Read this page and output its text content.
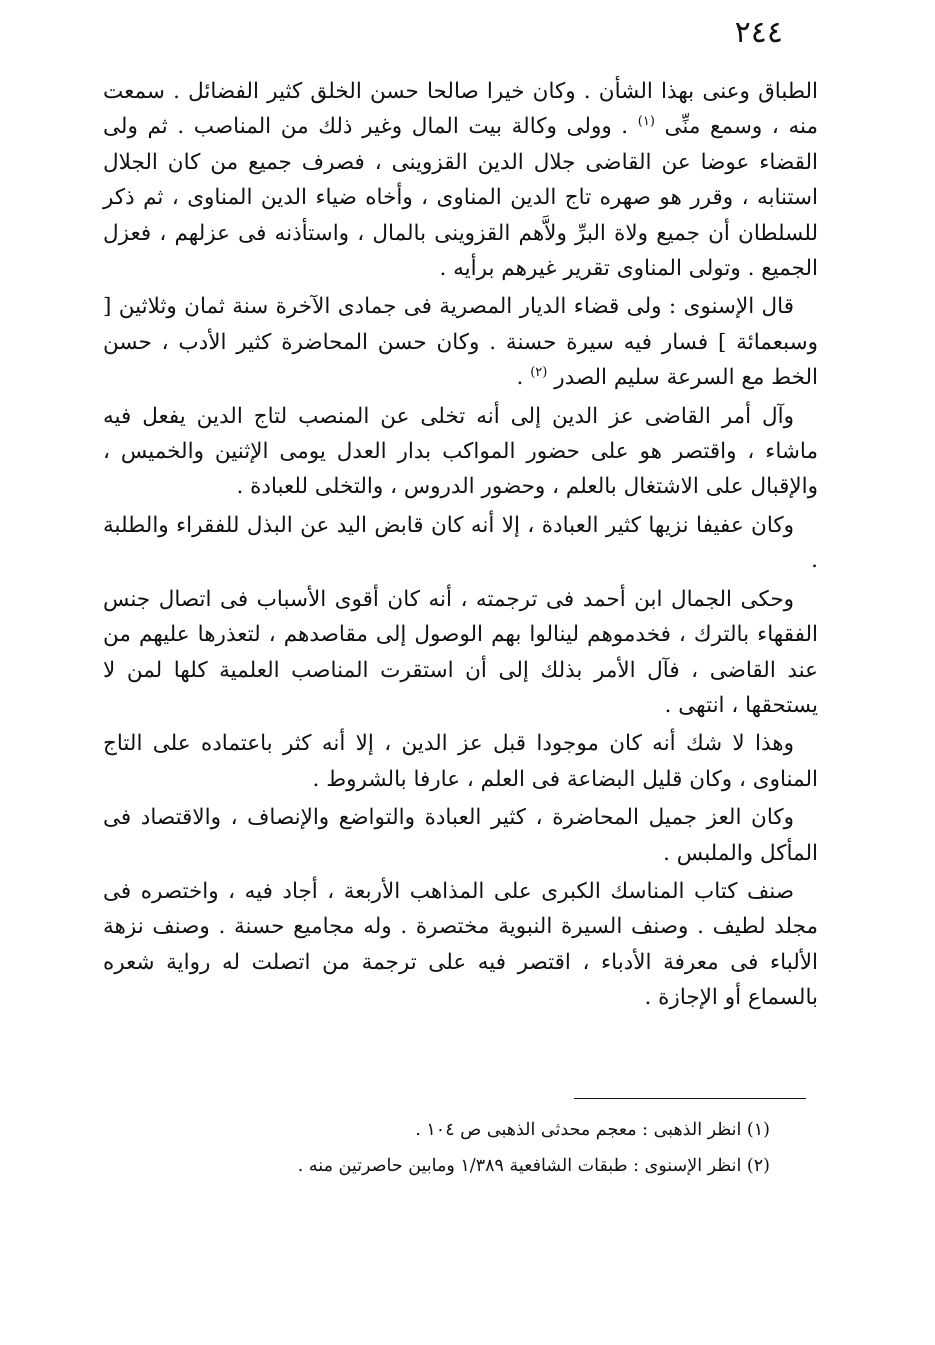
٢٤٤

الطباق وعنى بهذا الشأن . وكان خيرا صالحا حسن الخلق كثير الفضائل . سمعت منه ، وسمع منِّى $^{(١)}$ . وولى وكالة بيت المال وغير ذلك من المناصب . ثم ولى القضاء عوضا عن القاضى جلال الدين القزوينى ، فصرف جميع من كان الجلال استنابه ، وقرر هو صهره تاج الدين المناوى ، وأخاه ضياء الدين المناوى ، ثم ذكر للسلطان أن جميع ولاة البرِّ ولاَّهم القزوينى بالمال ، واستأذنه فى عزلهم ، فعزل الجميع . وتولى المناوى تقرير غيرهم برأيه .

قال الإسنوى : ولى قضاء الديار المصرية فى جمادى الآخرة سنة ثمان وثلاثين [ وسبعمائة ] فسار فيه سيرة حسنة . وكان حسن المحاضرة كثير الأدب ، حسن الخط مع السرعة سليم الصدر $^{(٢)}$ .

وآل أمر القاضى عز الدين إلى أنه تخلى عن المنصب لتاج الدين يفعل فيه ماشاء ، واقتصر هو على حضور المواكب بدار العدل يومى الإثنين والخميس ، والإقبال على الاشتغال بالعلم ، وحضور الدروس ، والتخلى للعبادة .

وكان عفيفا نزيها كثير العبادة ، إلا أنه كان قابض اليد عن البذل للفقراء والطلبة .

وحكى الجمال ابن أحمد فى ترجمته ، أنه كان أقوى الأسباب فى اتصال جنس الفقهاء بالترك ، فخدموهم لينالوا بهم الوصول إلى مقاصدهم ، لتعذرها عليهم من عند القاضى ، فآل الأمر بذلك إلى أن استقرت المناصب العلمية كلها لمن لا يستحقها ، انتهى .

وهذا لا شك أنه كان موجودا قبل عز الدين ، إلا أنه كثر باعتماده على التاج المناوى ، وكان قليل البضاعة فى العلم ، عارفا بالشروط .

وكان العز جميل المحاضرة ، كثير العبادة والتواضع والإنصاف ، والاقتصاد فى المأكل والملبس .

صنف كتاب المناسك الكبرى على المذاهب الأربعة ، أجاد فيه ، واختصره فى مجلد لطيف . وصنف السيرة النبوية مختصرة . وله مجاميع حسنة . وصنف نزهة الألباء فى معرفة الأدباء ، اقتصر فيه على ترجمة من اتصلت له رواية شعره بالسماع أو الإجازة .

(١) انظر الذهبى : معجم محدثى الذهبى ص ١٠٤ .

(٢) انظر الإسنوى : طبقات الشافعية ١/٣٨٩ ومابين حاصرتين منه .
